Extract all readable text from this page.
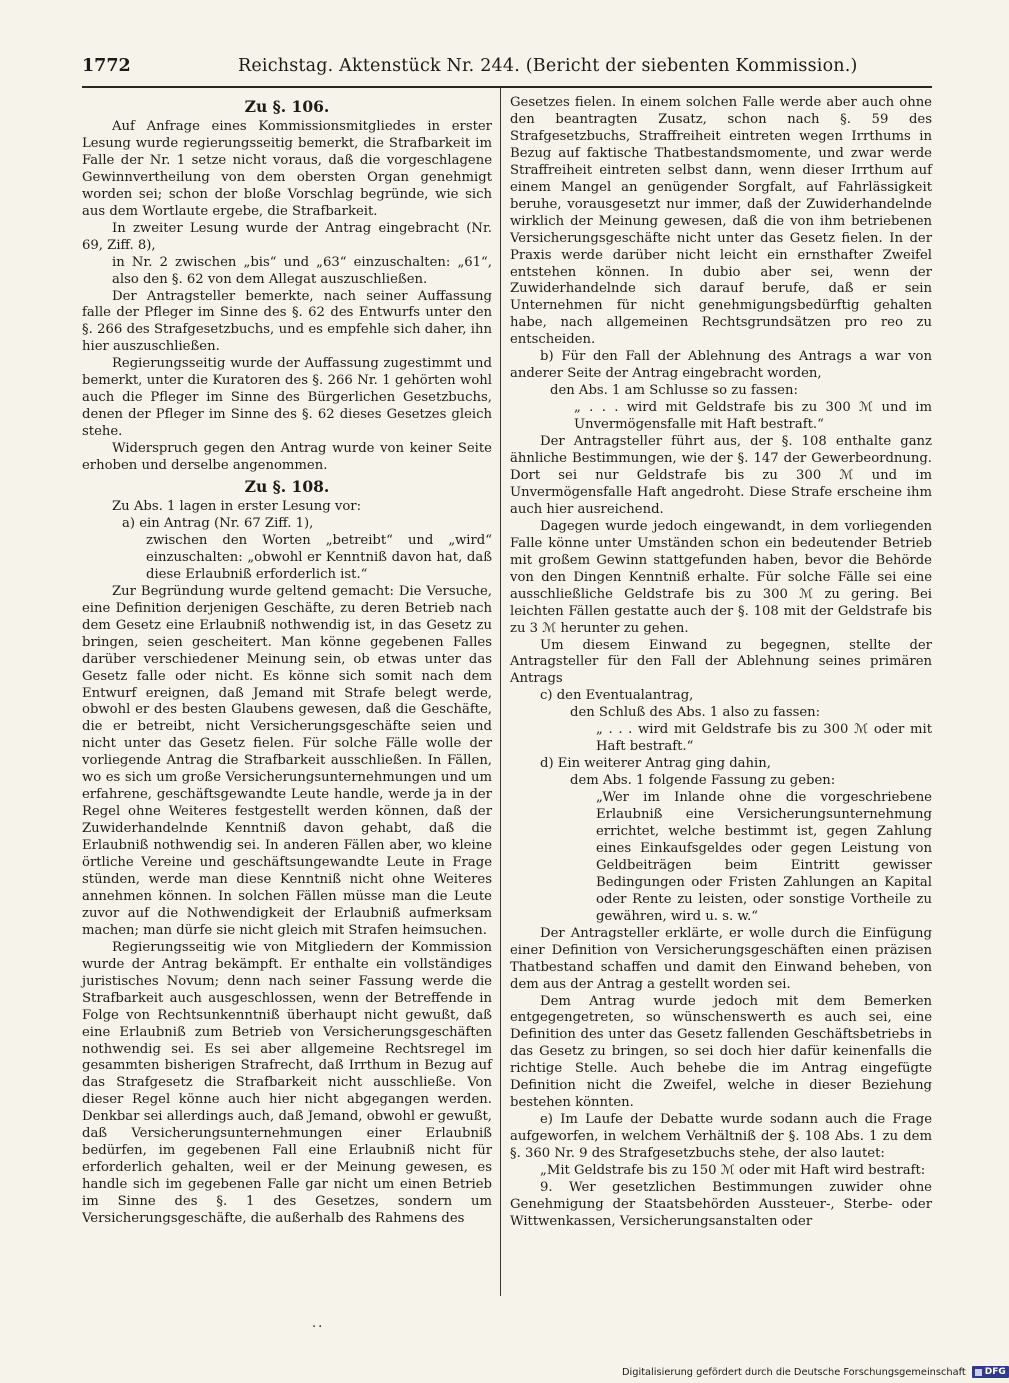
1772	Reichstag. Aktenstück Nr. 244. (Bericht der siebenten Kommission.)

Zu §. 106.

Auf Anfrage eines Kommissionsmitgliedes in erster Lesung wurde regierungsseitig bemerkt, die Strafbarkeit im Falle der Nr. 1 setze nicht voraus, daß die vorgeschlagene Gewinnvertheilung von dem obersten Organ genehmigt worden sei; schon der bloße Vorschlag begründe, wie sich aus dem Wortlaute ergebe, die Strafbarkeit.

In zweiter Lesung wurde der Antrag eingebracht (Nr. 69, Ziff. 8),

in Nr. 2 zwischen „bis“ und „63“ einzuschalten: „61“, also den §. 62 von dem Allegat auszuschließen.

Der Antragsteller bemerkte, nach seiner Auffassung falle der Pfleger im Sinne des §. 62 des Entwurfs unter den §. 266 des Strafgesetzbuchs, und es empfehle sich daher, ihn hier auszuschließen.

Regierungsseitig wurde der Auffassung zugestimmt und bemerkt, unter die Kuratoren des §. 266 Nr. 1 gehörten wohl auch die Pfleger im Sinne des Bürgerlichen Gesetzbuchs, denen der Pfleger im Sinne des §. 62 dieses Gesetzes gleich stehe.

Widerspruch gegen den Antrag wurde von keiner Seite erhoben und derselbe angenommen.

Zu §. 108.

Zu Abs. 1 lagen in erster Lesung vor:

a) ein Antrag (Nr. 67 Ziff. 1),

zwischen den Worten „betreibt“ und „wird“ einzuschalten: „obwohl er Kenntniß davon hat, daß diese Erlaubniß erforderlich ist.“

Zur Begründung wurde geltend gemacht: Die Versuche, eine Definition derjenigen Geschäfte, zu deren Betrieb nach dem Gesetz eine Erlaubniß nothwendig ist, in das Gesetz zu bringen, seien gescheitert. Man könne gegebenen Falles darüber verschiedener Meinung sein, ob etwas unter das Gesetz falle oder nicht. Es könne sich somit nach dem Entwurf ereignen, daß Jemand mit Strafe belegt werde, obwohl er des besten Glaubens gewesen, daß die Geschäfte, die er betreibt, nicht Versicherungsgeschäfte seien und nicht unter das Gesetz fielen. Für solche Fälle wolle der vorliegende Antrag die Strafbarkeit ausschließen. In Fällen, wo es sich um große Versicherungsunternehmungen und um erfahrene, geschäftsgewandte Leute handle, werde ja in der Regel ohne Weiteres festgestellt werden können, daß der Zuwiderhandelnde Kenntniß davon gehabt, daß die Erlaubniß nothwendig sei. In anderen Fällen aber, wo kleine örtliche Vereine und geschäftsungewandte Leute in Frage stünden, werde man diese Kenntniß nicht ohne Weiteres annehmen können. In solchen Fällen müsse man die Leute zuvor auf die Nothwendigkeit der Erlaubniß aufmerksam machen; man dürfe sie nicht gleich mit Strafen heimsuchen.

Regierungsseitig wie von Mitgliedern der Kommission wurde der Antrag bekämpft. Er enthalte ein vollständiges juristisches Novum; denn nach seiner Fassung werde die Strafbarkeit auch ausgeschlossen, wenn der Betreffende in Folge von Rechtsunkenntniß überhaupt nicht gewußt, daß eine Erlaubniß zum Betrieb von Versicherungsgeschäften nothwendig sei. Es sei aber allgemeine Rechtsregel im gesammten bisherigen Strafrecht, daß Irrthum in Bezug auf das Strafgesetz die Strafbarkeit nicht ausschließe. Von dieser Regel könne auch hier nicht abgegangen werden. Denkbar sei allerdings auch, daß Jemand, obwohl er gewußt, daß Versicherungsunternehmungen einer Erlaubniß bedürfen, im gegebenen Fall eine Erlaubniß nicht für erforderlich gehalten, weil er der Meinung gewesen, es handle sich im gegebenen Falle gar nicht um einen Betrieb im Sinne des §. 1 des Gesetzes, sondern um Versicherungsgeschäfte, die außerhalb des Rahmens des

Gesetzes fielen. In einem solchen Falle werde aber auch ohne den beantragten Zusatz, schon nach §. 59 des Strafgesetzbuchs, Straffreiheit eintreten wegen Irrthums in Bezug auf faktische Thatbestandsmomente, und zwar werde Straffreiheit eintreten selbst dann, wenn dieser Irrthum auf einem Mangel an genügender Sorgfalt, auf Fahrlässigkeit beruhe, vorausgesetzt nur immer, daß der Zuwiderhandelnde wirklich der Meinung gewesen, daß die von ihm betriebenen Versicherungsgeschäfte nicht unter das Gesetz fielen. In der Praxis werde darüber nicht leicht ein ernsthafter Zweifel entstehen können. In dubio aber sei, wenn der Zuwiderhandelnde sich darauf berufe, daß er sein Unternehmen für nicht genehmigungsbedürftig gehalten habe, nach allgemeinen Rechtsgrundsätzen pro reo zu entscheiden.

b) Für den Fall der Ablehnung des Antrags a war von anderer Seite der Antrag eingebracht worden,

den Abs. 1 am Schlusse so zu fassen:

„ . . . wird mit Geldstrafe bis zu 300 ℳ und im Unvermögensfalle mit Haft bestraft.“

Der Antragsteller führt aus, der §. 108 enthalte ganz ähnliche Bestimmungen, wie der §. 147 der Gewerbeordnung. Dort sei nur Geldstrafe bis zu 300 ℳ und im Unvermögensfalle Haft angedroht. Diese Strafe erscheine ihm auch hier ausreichend.

Dagegen wurde jedoch eingewandt, in dem vorliegenden Falle könne unter Umständen schon ein bedeutender Betrieb mit großem Gewinn stattgefunden haben, bevor die Behörde von den Dingen Kenntniß erhalte. Für solche Fälle sei eine ausschließliche Geldstrafe bis zu 300 ℳ zu gering. Bei leichten Fällen gestatte auch der §. 108 mit der Geldstrafe bis zu 3 ℳ herunter zu gehen.

Um diesem Einwand zu begegnen, stellte der Antragsteller für den Fall der Ablehnung seines primären Antrags

c) den Eventualantrag,

den Schluß des Abs. 1 also zu fassen:

„ . . . wird mit Geldstrafe bis zu 300 ℳ oder mit Haft bestraft.“

d) Ein weiterer Antrag ging dahin,

dem Abs. 1 folgende Fassung zu geben:

„Wer im Inlande ohne die vorgeschriebene Erlaubniß eine Versicherungsunternehmung errichtet, welche bestimmt ist, gegen Zahlung eines Einkaufsgeldes oder gegen Leistung von Geldbeiträgen beim Eintritt gewisser Bedingungen oder Fristen Zahlungen an Kapital oder Rente zu leisten, oder sonstige Vortheile zu gewähren, wird u. s. w.“

Der Antragsteller erklärte, er wolle durch die Einfügung einer Definition von Versicherungsgeschäften einen präzisen Thatbestand schaffen und damit den Einwand beheben, von dem aus der Antrag a gestellt worden sei.

Dem Antrag wurde jedoch mit dem Bemerken entgegengetreten, so wünschenswerth es auch sei, eine Definition des unter das Gesetz fallenden Geschäftsbetriebs in das Gesetz zu bringen, so sei doch hier dafür keinenfalls die richtige Stelle. Auch behebe die im Antrag eingefügte Definition nicht die Zweifel, welche in dieser Beziehung bestehen könnten.

e) Im Laufe der Debatte wurde sodann auch die Frage aufgeworfen, in welchem Verhältniß der §. 108 Abs. 1 zu dem §. 360 Nr. 9 des Strafgesetzbuchs stehe, der also lautet:

„Mit Geldstrafe bis zu 150 ℳ oder mit Haft wird bestraft:

9. Wer gesetzlichen Bestimmungen zuwider ohne Genehmigung der Staatsbehörden Aussteuer-, Sterbe- oder Wittwenkassen, Versicherungsanstalten oder

..
Digitalisierung gefördert durch die Deutsche Forschungsgemeinschaft DFG
